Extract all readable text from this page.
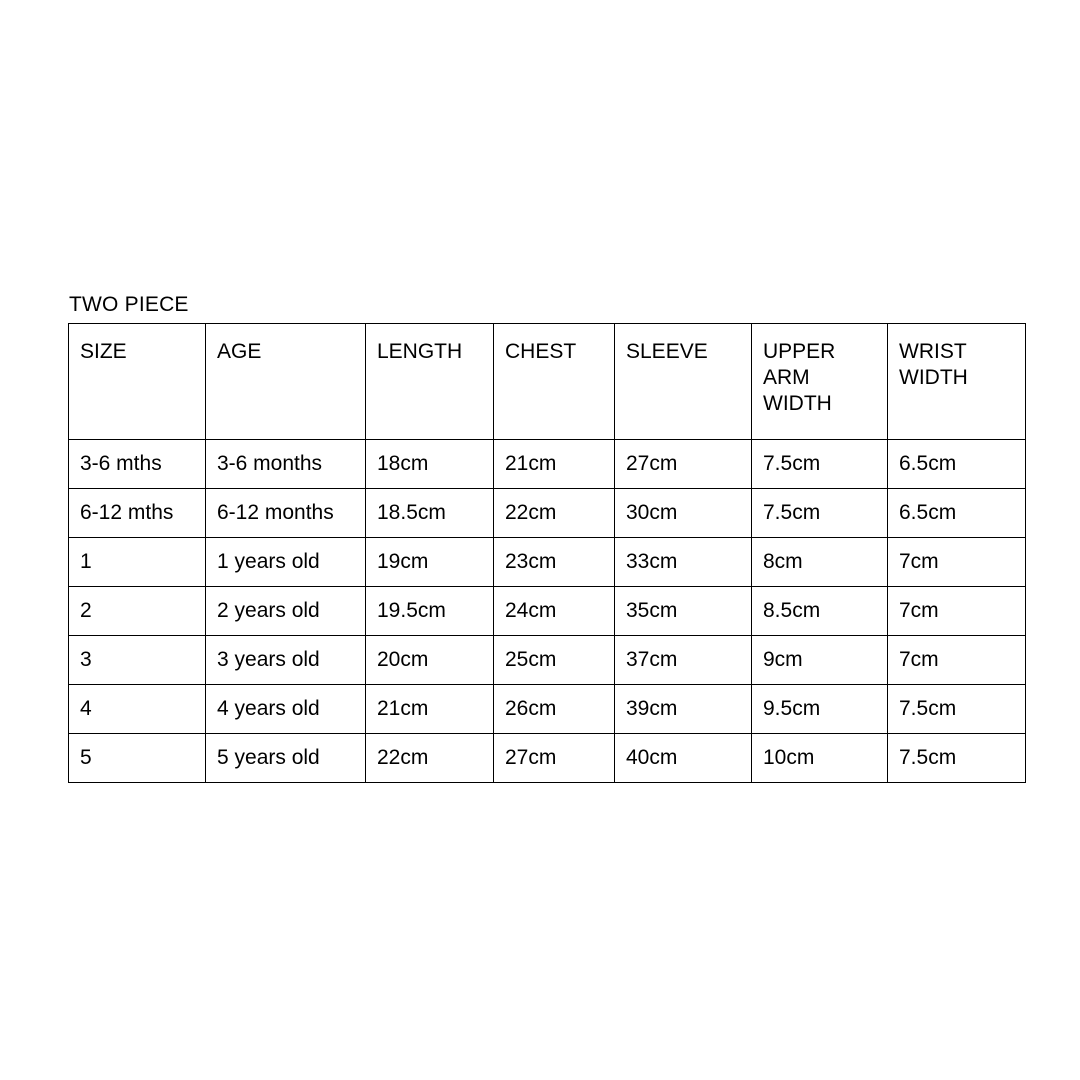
TWO PIECE
SIZE	AGE	LENGTH	CHEST	SLEEVE	UPPER ARM WIDTH	WRIST WIDTH
3-6 mths	3-6 months	18cm	21cm	27cm	7.5cm	6.5cm
6-12 mths	6-12 months	18.5cm	22cm	30cm	7.5cm	6.5cm
1	1 years old	19cm	23cm	33cm	8cm	7cm
2	2 years old	19.5cm	24cm	35cm	8.5cm	7cm
3	3 years old	20cm	25cm	37cm	9cm	7cm
4	4 years old	21cm	26cm	39cm	9.5cm	7.5cm
5	5 years old	22cm	27cm	40cm	10cm	7.5cm
